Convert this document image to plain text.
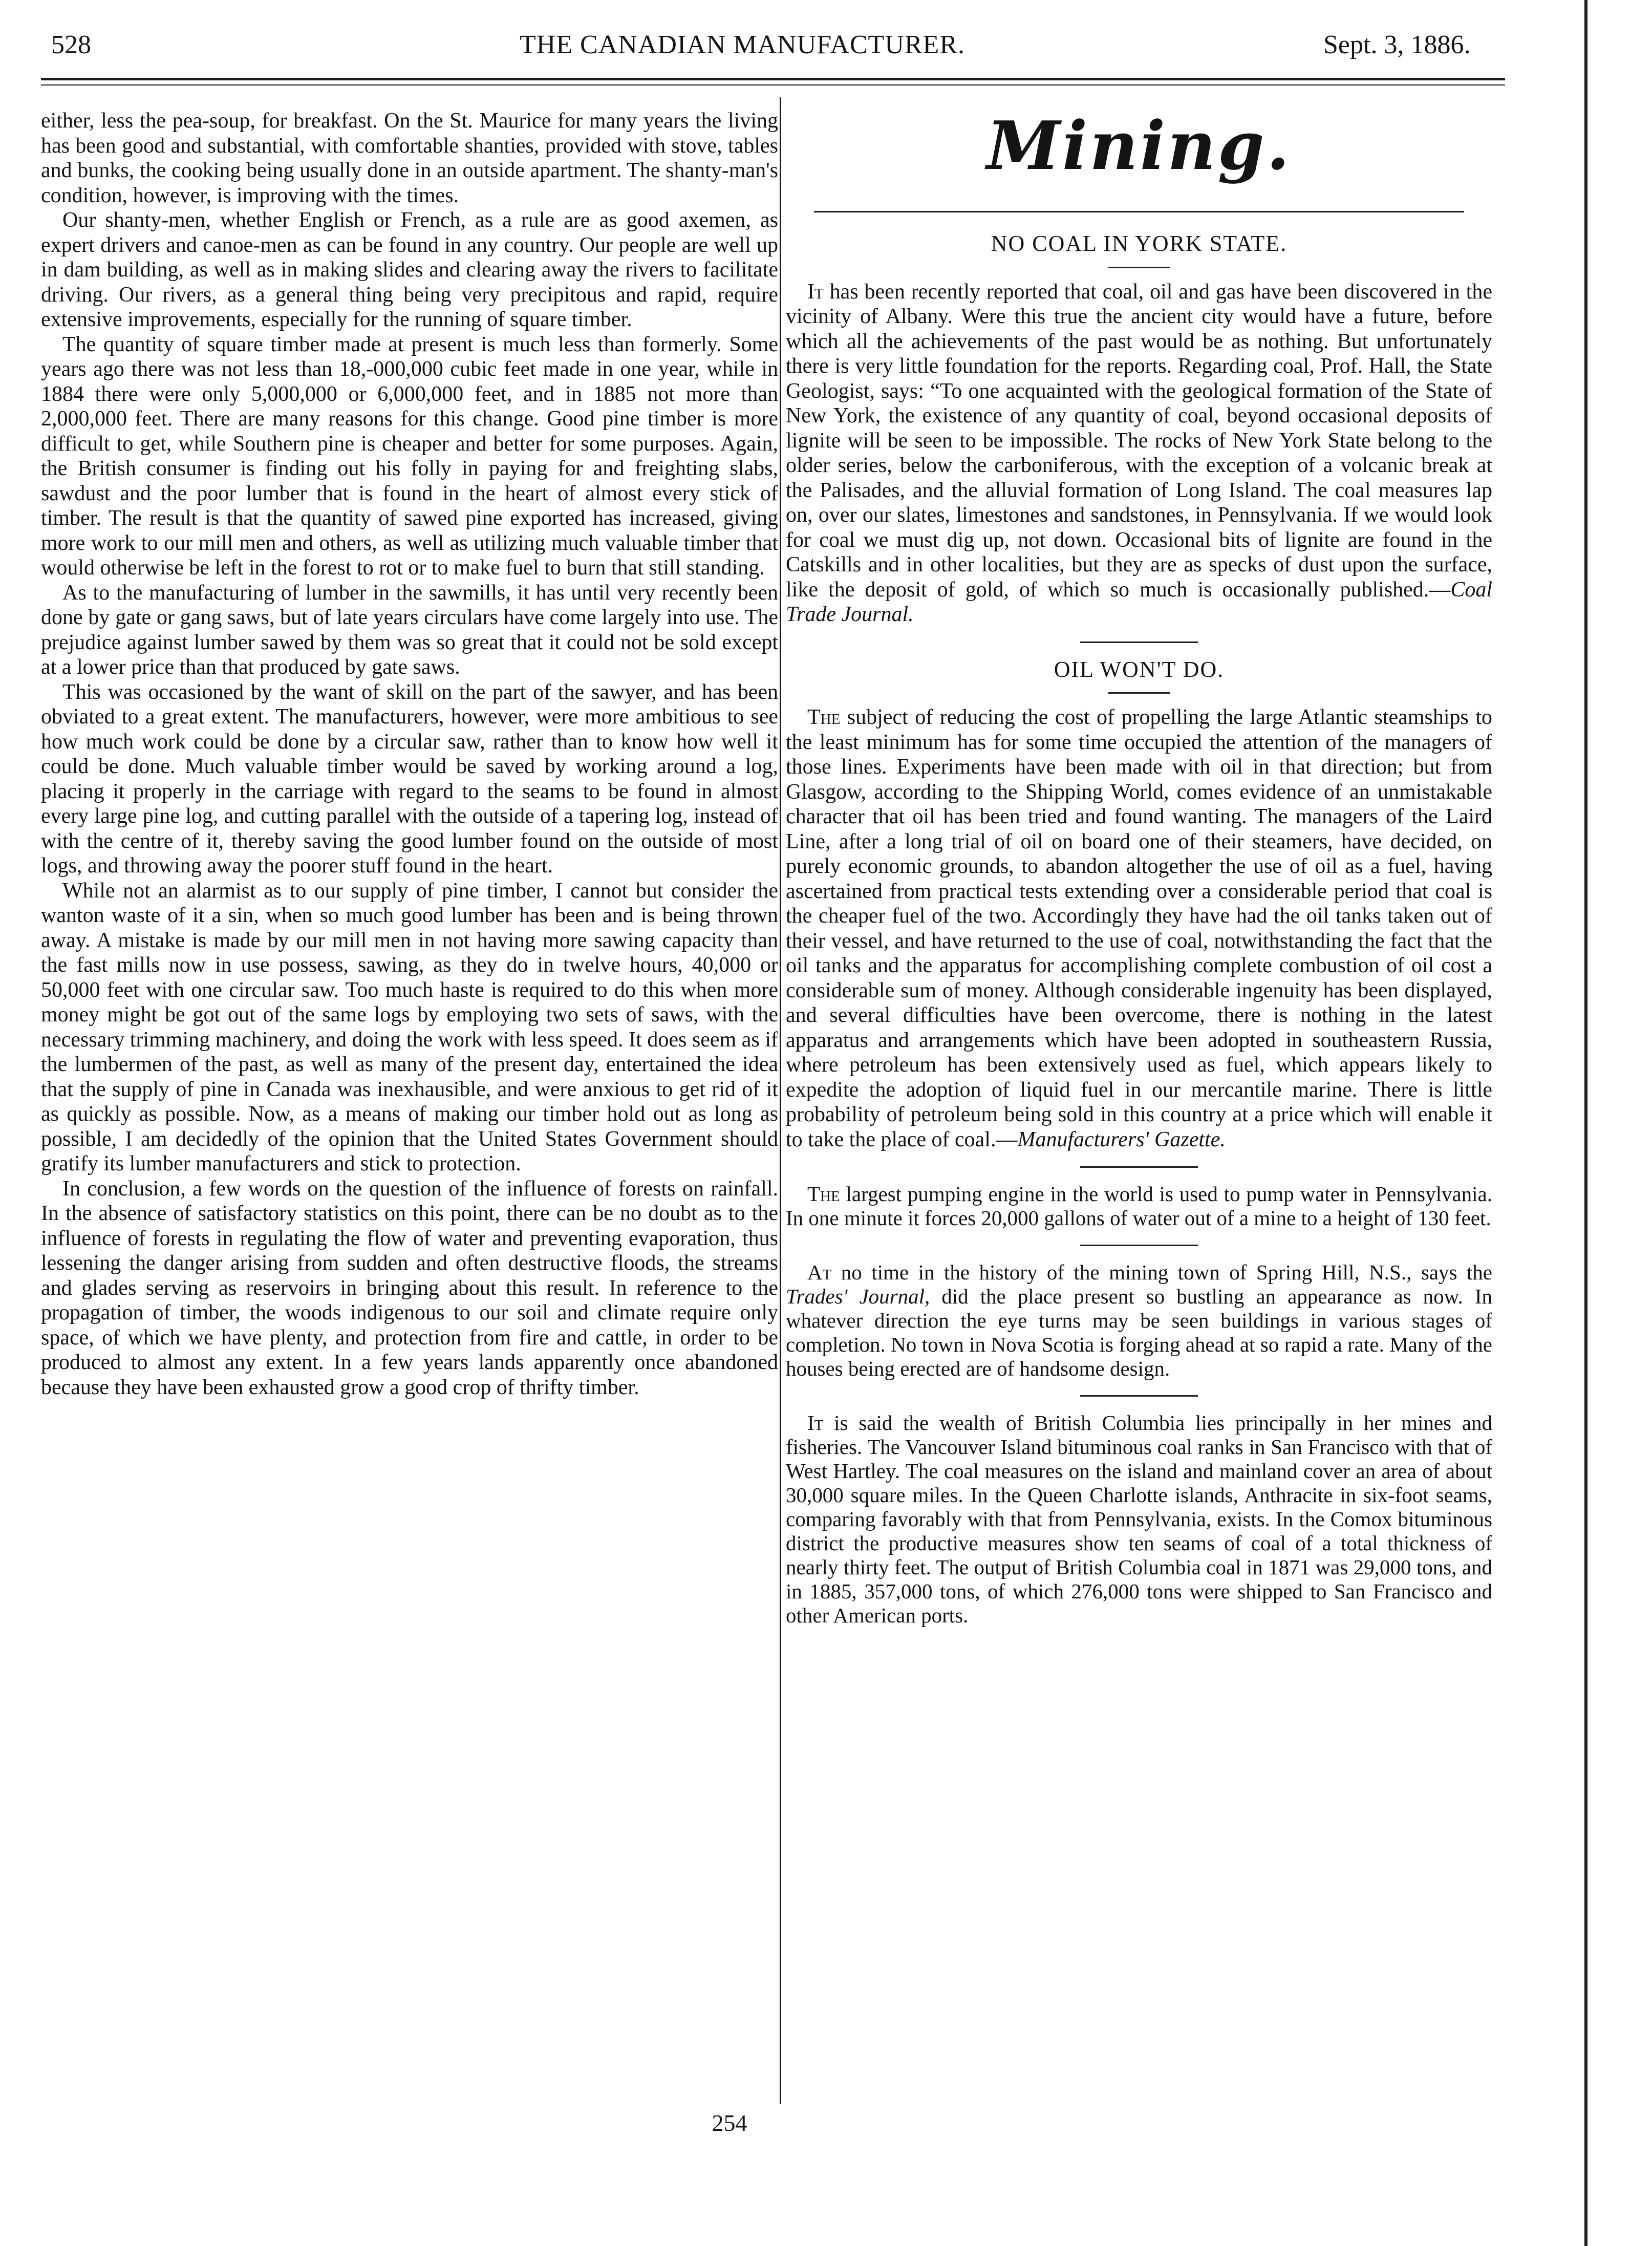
528	THE CANADIAN MANUFACTURER.	Sept. 3, 1886.

either, less the pea-soup, for breakfast. On the St. Maurice for many years the living has been good and substantial, with comfortable shanties, provided with stove, tables and bunks, the cooking being usually done in an outside apartment. The shanty-man's condition, however, is improving with the times.

Our shanty-men, whether English or French, as a rule are as good axemen, as expert drivers and canoe-men as can be found in any country. Our people are well up in dam building, as well as in making slides and clearing away the rivers to facilitate driving. Our rivers, as a general thing being very precipitous and rapid, require extensive improvements, especially for the running of square timber.

The quantity of square timber made at present is much less than formerly. Some years ago there was not less than 18,-000,000 cubic feet made in one year, while in 1884 there were only 5,000,000 or 6,000,000 feet, and in 1885 not more than 2,000,000 feet. There are many reasons for this change. Good pine timber is more difficult to get, while Southern pine is cheaper and better for some purposes. Again, the British consumer is finding out his folly in paying for and freighting slabs, sawdust and the poor lumber that is found in the heart of almost every stick of timber. The result is that the quantity of sawed pine exported has increased, giving more work to our mill men and others, as well as utilizing much valuable timber that would otherwise be left in the forest to rot or to make fuel to burn that still standing.

As to the manufacturing of lumber in the sawmills, it has until very recently been done by gate or gang saws, but of late years circulars have come largely into use. The prejudice against lumber sawed by them was so great that it could not be sold except at a lower price than that produced by gate saws.

This was occasioned by the want of skill on the part of the sawyer, and has been obviated to a great extent. The manufacturers, however, were more ambitious to see how much work could be done by a circular saw, rather than to know how well it could be done. Much valuable timber would be saved by working around a log, placing it properly in the carriage with regard to the seams to be found in almost every large pine log, and cutting parallel with the outside of a tapering log, instead of with the centre of it, thereby saving the good lumber found on the outside of most logs, and throwing away the poorer stuff found in the heart.

While not an alarmist as to our supply of pine timber, I cannot but consider the wanton waste of it a sin, when so much good lumber has been and is being thrown away. A mistake is made by our mill men in not having more sawing capacity than the fast mills now in use possess, sawing, as they do in twelve hours, 40,000 or 50,000 feet with one circular saw. Too much haste is required to do this when more money might be got out of the same logs by employing two sets of saws, with the necessary trimming machinery, and doing the work with less speed. It does seem as if the lumbermen of the past, as well as many of the present day, entertained the idea that the supply of pine in Canada was inexhausible, and were anxious to get rid of it as quickly as possible. Now, as a means of making our timber hold out as long as possible, I am decidedly of the opinion that the United States Government should gratify its lumber manufacturers and stick to protection.

In conclusion, a few words on the question of the influence of forests on rainfall. In the absence of satisfactory statistics on this point, there can be no doubt as to the influence of forests in regulating the flow of water and preventing evaporation, thus lessening the danger arising from sudden and often destructive floods, the streams and glades serving as reservoirs in bringing about this result. In reference to the propagation of timber, the woods indigenous to our soil and climate require only space, of which we have plenty, and protection from fire and cattle, in order to be produced to almost any extent. In a few years lands apparently once abandoned because they have been exhausted grow a good crop of thrifty timber.

Mining.
NO COAL IN YORK STATE.

It has been recently reported that coal, oil and gas have been discovered in the vicinity of Albany. Were this true the ancient city would have a future, before which all the achievements of the past would be as nothing. But unfortunately there is very little foundation for the reports. Regarding coal, Prof. Hall, the State Geologist, says: “To one acquainted with the geological formation of the State of New York, the existence of any quantity of coal, beyond occasional deposits of lignite will be seen to be impossible. The rocks of New York State belong to the older series, below the carboniferous, with the exception of a volcanic break at the Palisades, and the alluvial formation of Long Island. The coal measures lap on, over our slates, limestones and sandstones, in Pennsylvania. If we would look for coal we must dig up, not down. Occasional bits of lignite are found in the Catskills and in other localities, but they are as specks of dust upon the surface, like the deposit of gold, of which so much is occasionally published.—Coal Trade Journal.

OIL WON'T DO.

The subject of reducing the cost of propelling the large Atlantic steamships to the least minimum has for some time occupied the attention of the managers of those lines. Experiments have been made with oil in that direction; but from Glasgow, according to the Shipping World, comes evidence of an unmistakable character that oil has been tried and found wanting. The managers of the Laird Line, after a long trial of oil on board one of their steamers, have decided, on purely economic grounds, to abandon altogether the use of oil as a fuel, having ascertained from practical tests extending over a considerable period that coal is the cheaper fuel of the two. Accordingly they have had the oil tanks taken out of their vessel, and have returned to the use of coal, notwithstanding the fact that the oil tanks and the apparatus for accomplishing complete combustion of oil cost a considerable sum of money. Although considerable ingenuity has been displayed, and several difficulties have been overcome, there is nothing in the latest apparatus and arrangements which have been adopted in southeastern Russia, where petroleum has been extensively used as fuel, which appears likely to expedite the adoption of liquid fuel in our mercantile marine. There is little probability of petroleum being sold in this country at a price which will enable it to take the place of coal.—Manufacturers' Gazette.

The largest pumping engine in the world is used to pump water in Pennsylvania. In one minute it forces 20,000 gallons of water out of a mine to a height of 130 feet.

At no time in the history of the mining town of Spring Hill, N.S., says the Trades' Journal, did the place present so bustling an appearance as now. In whatever direction the eye turns may be seen buildings in various stages of completion. No town in Nova Scotia is forging ahead at so rapid a rate. Many of the houses being erected are of handsome design.

It is said the wealth of British Columbia lies principally in her mines and fisheries. The Vancouver Island bituminous coal ranks in San Francisco with that of West Hartley. The coal measures on the island and mainland cover an area of about 30,000 square miles. In the Queen Charlotte islands, Anthracite in six-foot seams, comparing favorably with that from Pennsylvania, exists. In the Comox bituminous district the productive measures show ten seams of coal of a total thickness of nearly thirty feet. The output of British Columbia coal in 1871 was 29,000 tons, and in 1885, 357,000 tons, of which 276,000 tons were shipped to San Francisco and other American ports.

254
